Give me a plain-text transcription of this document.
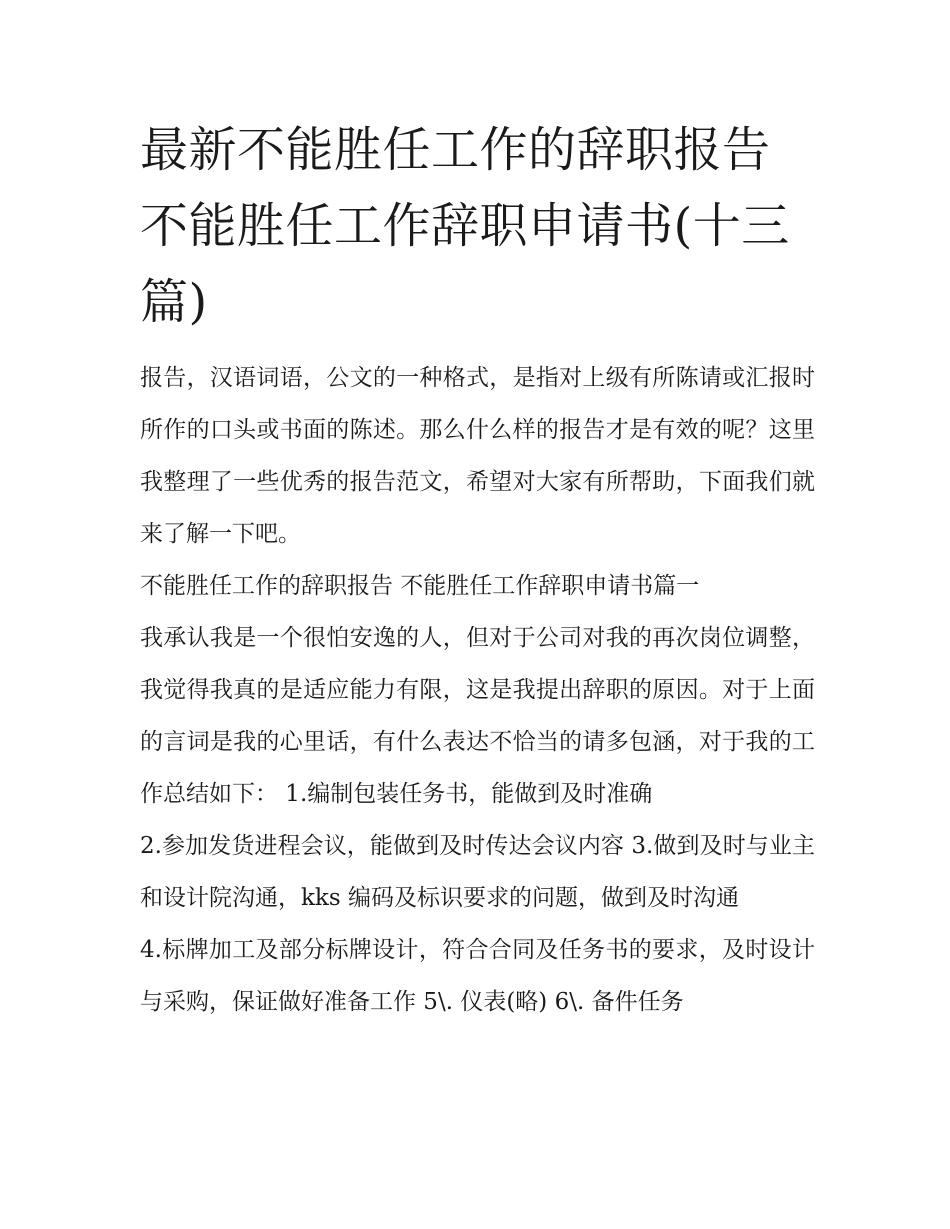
最新不能胜任工作的辞职报告 不能胜任工作辞职申请书(十三篇)

报告，汉语词语，公文的一种格式，是指对上级有所陈请或汇报时所作的口头或书面的陈述。那么什么样的报告才是有效的呢？这里我整理了一些优秀的报告范文，希望对大家有所帮助，下面我们就来了解一下吧。

不能胜任工作的辞职报告 不能胜任工作辞职申请书篇一

我承认我是一个很怕安逸的人，但对于公司对我的再次岗位调整，我觉得我真的是适应能力有限，这是我提出辞职的原因。对于上面的言词是我的心里话，有什么表达不恰当的请多包涵，对于我的工作总结如下： 1.编制包装任务书，能做到及时准确

2.参加发货进程会议，能做到及时传达会议内容 3.做到及时与业主和设计院沟通，kks 编码及标识要求的问题，做到及时沟通

4.标牌加工及部分标牌设计，符合合同及任务书的要求，及时设计与采购，保证做好准备工作 5\. 仪表(略) 6\. 备件任务
